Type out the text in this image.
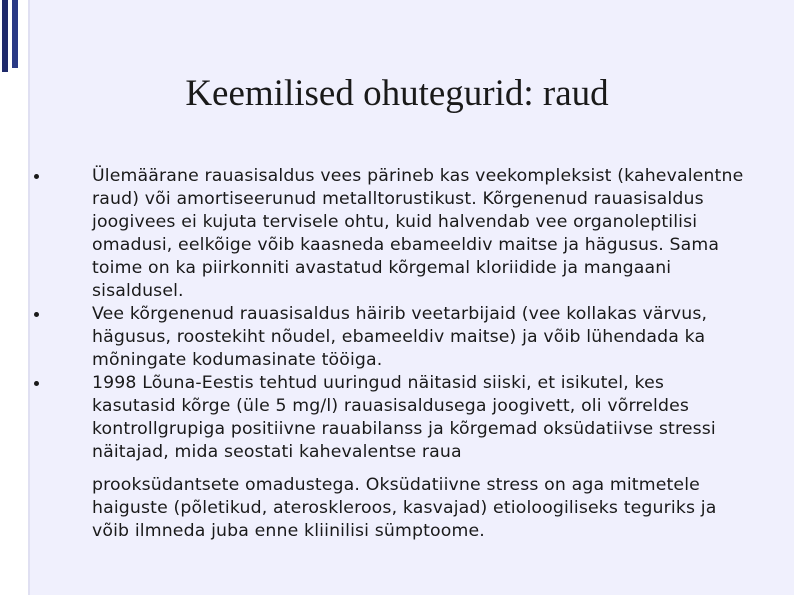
Keemilised ohutegurid: raud
Ülemäärane rauasisaldus vees pärineb kas veekompleksist (kahevalentne raud) või amortiseerunud metalltorustikust. Kõrgenenud rauasisaldus joogivees ei kujuta tervisele ohtu, kuid halvendab vee organoleptilisi omadusi, eelkõige võib kaasneda ebameeldiv maitse ja hägusus. Sama toime on ka piirkonniti avastatud kõrgemal kloriidide ja mangaani sisaldusel.
Vee kõrgenenud rauasisaldus häirib veetarbijaid (vee kollakas värvus, hägusus, roostekiht nõudel, ebameeldiv maitse) ja võib lühendada ka mõningate kodumasinate tööiga.
1998 Lõuna-Eestis tehtud uuringud näitasid siiski, et isikutel, kes kasutasid kõrge (üle 5 mg/l) rauasisaldusega joogivett, oli võrreldes kontrollgrupiga positiivne rauabilanss ja kõrgemad oksüdatiivse stressi näitajad, mida seostati kahevalentse raua
prooksüdantsete omadustega. Oksüdatiivne stress on aga mitmetele haiguste (põletikud, ateroskleroos, kasvajad) etioloogiliseks teguriks ja võib ilmneda juba enne kliinilisi sümptoome.
